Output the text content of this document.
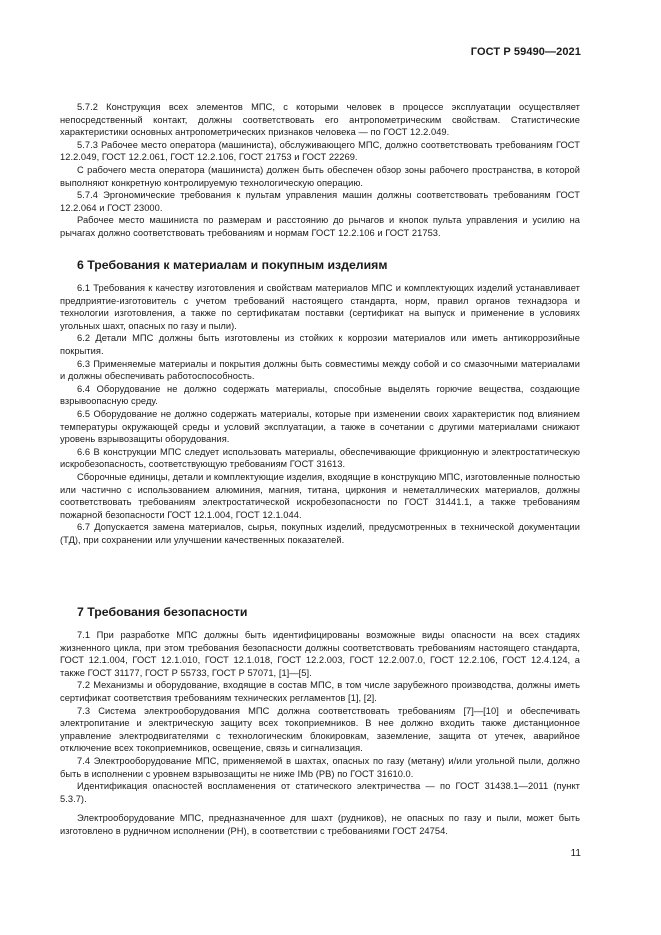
ГОСТ Р 59490—2021

5.7.2 Конструкция всех элементов МПС, с которыми человек в процессе эксплуатации осуществляет непосредственный контакт, должны соответствовать его антропометрическим свойствам. Статистические характеристики основных антропометрических признаков человека — по ГОСТ 12.2.049.

5.7.3 Рабочее место оператора (машиниста), обслуживающего МПС, должно соответствовать требованиям ГОСТ 12.2.049, ГОСТ 12.2.061, ГОСТ 12.2.106, ГОСТ 21753 и ГОСТ 22269.

С рабочего места оператора (машиниста) должен быть обеспечен обзор зоны рабочего пространства, в которой выполняют конкретную контролируемую технологическую операцию.

5.7.4 Эргономические требования к пультам управления машин должны соответствовать требованиям ГОСТ 12.2.064 и ГОСТ 23000.

Рабочее место машиниста по размерам и расстоянию до рычагов и кнопок пульта управления и усилию на рычагах должно соответствовать требованиям и нормам ГОСТ 12.2.106 и ГОСТ 21753.

6 Требования к материалам и покупным изделиям

6.1 Требования к качеству изготовления и свойствам материалов МПС и комплектующих изделий устанавливает предприятие-изготовитель с учетом требований настоящего стандарта, норм, правил органов технадзора и технологии изготовления, а также по сертификатам поставки (сертификат на выпуск и применение в условиях угольных шахт, опасных по газу и пыли).

6.2 Детали МПС должны быть изготовлены из стойких к коррозии материалов или иметь антикоррозийные покрытия.

6.3 Применяемые материалы и покрытия должны быть совместимы между собой и со смазочными материалами и должны обеспечивать работоспособность.

6.4 Оборудование не должно содержать материалы, способные выделять горючие вещества, создающие взрывоопасную среду.

6.5 Оборудование не должно содержать материалы, которые при изменении своих характеристик под влиянием температуры окружающей среды и условий эксплуатации, а также в сочетании с другими материалами снижают уровень взрывозащиты оборудования.

6.6 В конструкции МПС следует использовать материалы, обеспечивающие фрикционную и электростатическую искробезопасность, соответствующую требованиям ГОСТ 31613.

Сборочные единицы, детали и комплектующие изделия, входящие в конструкцию МПС, изготовленные полностью или частично с использованием алюминия, магния, титана, циркония и неметаллических материалов, должны соответствовать требованиям электростатической искробезопасности по ГОСТ 31441.1, а также требованиям пожарной безопасности ГОСТ 12.1.004, ГОСТ 12.1.044.

6.7 Допускается замена материалов, сырья, покупных изделий, предусмотренных в технической документации (ТД), при сохранении или улучшении качественных показателей.

7 Требования безопасности

7.1 При разработке МПС должны быть идентифицированы возможные виды опасности на всех стадиях жизненного цикла, при этом требования безопасности должны соответствовать требованиям настоящего стандарта, ГОСТ 12.1.004, ГОСТ 12.1.010, ГОСТ 12.1.018, ГОСТ 12.2.003, ГОСТ 12.2.007.0, ГОСТ 12.2.106, ГОСТ 12.4.124, а также ГОСТ 31177, ГОСТ Р 55733, ГОСТ Р 57071, [1]—[5].

7.2 Механизмы и оборудование, входящие в состав МПС, в том числе зарубежного производства, должны иметь сертификат соответствия требованиям технических регламентов [1], [2].

7.3 Система электрооборудования МПС должна соответствовать требованиям [7]—[10] и обеспечивать электропитание и электрическую защиту всех токоприемников. В нее должно входить также дистанционное управление электродвигателями с технологическим блокировкам, заземление, защита от утечек, аварийное отключение всех токоприемников, освещение, связь и сигнализация.

7.4 Электрооборудование МПС, применяемой в шахтах, опасных по газу (метану) и/или угольной пыли, должно быть в исполнении с уровнем взрывозащиты не ниже IMb (РВ) по ГОСТ 31610.0.

Идентификация опасностей воспламенения от статического электричества — по ГОСТ 31438.1—2011 (пункт 5.3.7).

Электрооборудование МПС, предназначенное для шахт (рудников), не опасных по газу и пыли, может быть изготовлено в рудничном исполнении (РН), в соответствии с требованиями ГОСТ 24754.

11
